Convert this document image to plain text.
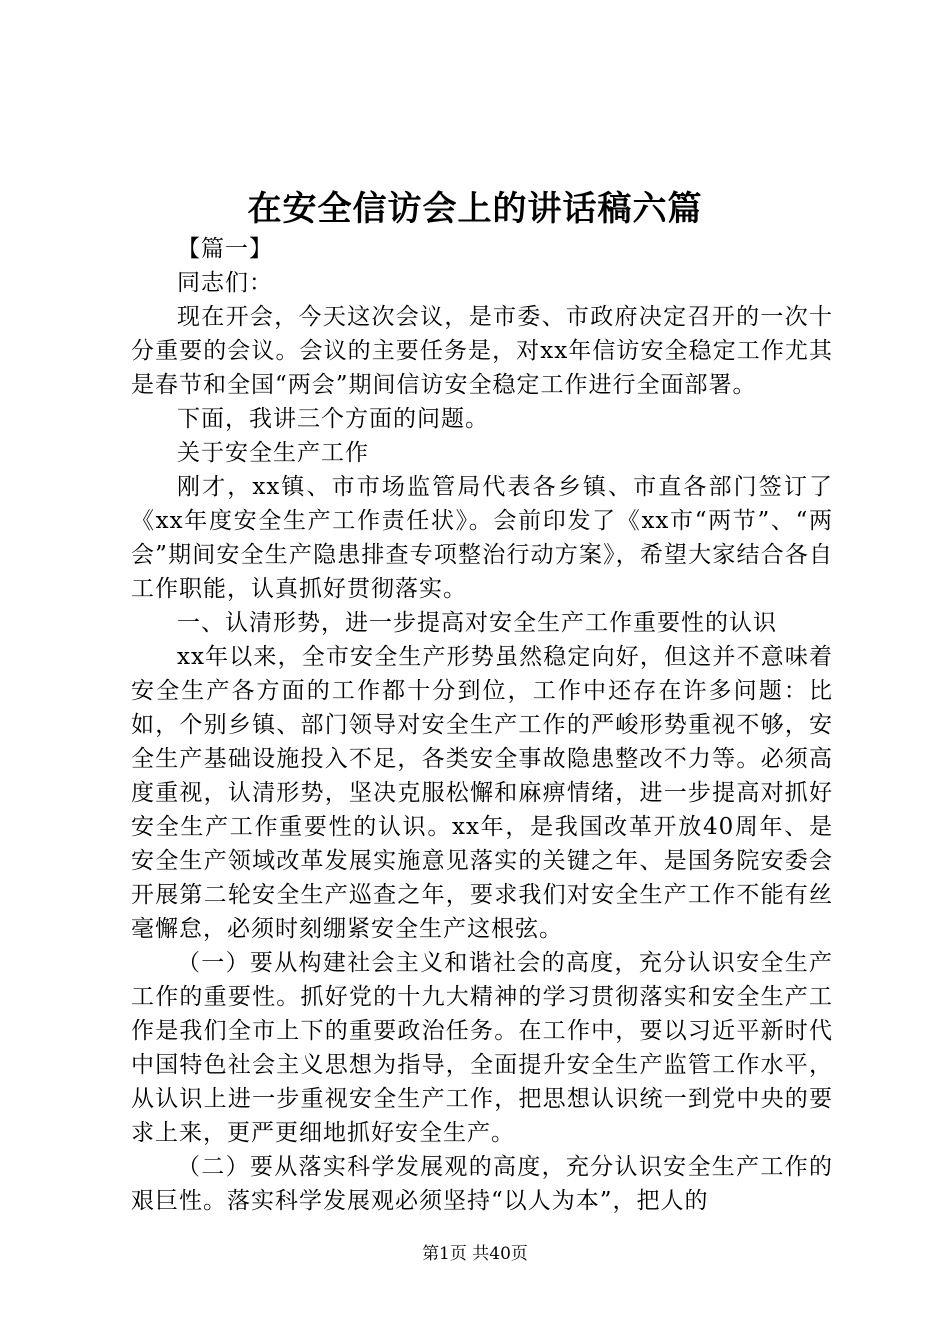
在安全信访会上的讲话稿六篇

【篇一】

同志们：

现在开会，今天这次会议，是市委、市政府决定召开的一次十分重要的会议。会议的主要任务是，对xx年信访安全稳定工作尤其是春节和全国“两会”期间信访安全稳定工作进行全面部署。

下面，我讲三个方面的问题。

关于安全生产工作

刚才，xx镇、市市场监管局代表各乡镇、市直各部门签订了《xx年度安全生产工作责任状》。会前印发了《xx市“两节”、“两会”期间安全生产隐患排查专项整治行动方案》，希望大家结合各自工作职能，认真抓好贯彻落实。

一、认清形势，进一步提高对安全生产工作重要性的认识

xx年以来，全市安全生产形势虽然稳定向好，但这并不意味着安全生产各方面的工作都十分到位，工作中还存在许多问题：比如，个别乡镇、部门领导对安全生产工作的严峻形势重视不够，安全生产基础设施投入不足，各类安全事故隐患整改不力等。必须高度重视，认清形势，坚决克服松懈和麻痹情绪，进一步提高对抓好安全生产工作重要性的认识。xx年，是我国改革开放40周年、是安全生产领域改革发展实施意见落实的关键之年、是国务院安委会开展第二轮安全生产巡查之年，要求我们对安全生产工作不能有丝毫懈怠，必须时刻绷紧安全生产这根弦。

（一）要从构建社会主义和谐社会的高度，充分认识安全生产工作的重要性。抓好党的十九大精神的学习贯彻落实和安全生产工作是我们全市上下的重要政治任务。在工作中，要以习近平新时代中国特色社会主义思想为指导，全面提升安全生产监管工作水平，从认识上进一步重视安全生产工作，把思想认识统一到党中央的要求上来，更严更细地抓好安全生产。

（二）要从落实科学发展观的高度，充分认识安全生产工作的艰巨性。落实科学发展观必须坚持“以人为本”，把人的

第1页 共40页
